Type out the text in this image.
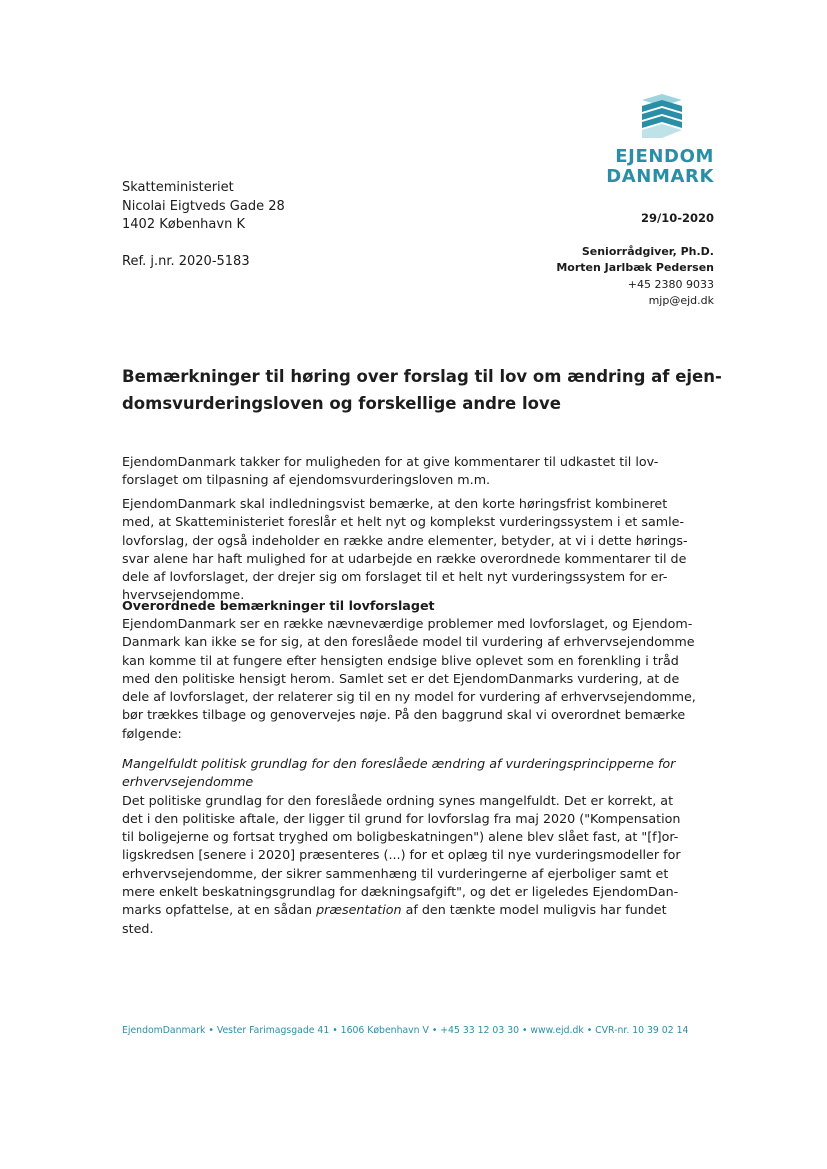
EJENDOM
DANMARK
Skatteministeriet
Nicolai Eigtveds Gade 28
1402 København K
Ref. j.nr. 2020-5183
29/10-2020
Seniorrådgiver, Ph.D.
Morten Jarlbæk Pedersen
+45 2380 9033
mjp@ejd.dk
Bemærkninger til høring over forslag til lov om ændring af ejen-
domsvurderingsloven og forskellige andre love
EjendomDanmark takker for muligheden for at give kommentarer til udkastet til lov-
forslaget om tilpasning af ejendomsvurderingsloven m.m.
EjendomDanmark skal indledningsvist bemærke, at den korte høringsfrist kombineret
med, at Skatteministeriet foreslår et helt nyt og komplekst vurderingssystem i et samle-
lovforslag, der også indeholder en række andre elementer, betyder, at vi i dette hørings-
svar alene har haft mulighed for at udarbejde en række overordnede kommentarer til de
dele af lovforslaget, der drejer sig om forslaget til et helt nyt vurderingssystem for er-
hvervsejendomme.
Overordnede bemærkninger til lovforslaget
EjendomDanmark ser en række nævneværdige problemer med lovforslaget, og Ejendom-
Danmark kan ikke se for sig, at den foreslåede model til vurdering af erhvervsejendomme
kan komme til at fungere efter hensigten endsige blive oplevet som en forenkling i tråd
med den politiske hensigt herom. Samlet set er det EjendomDanmarks vurdering, at de
dele af lovforslaget, der relaterer sig til en ny model for vurdering af erhvervsejendomme,
bør trækkes tilbage og genovervejes nøje. På den baggrund skal vi overordnet bemærke
følgende:
Mangelfuldt politisk grundlag for den foreslåede ændring af vurderingsprincipperne for
erhvervsejendomme
Det politiske grundlag for den foreslåede ordning synes mangelfuldt. Det er korrekt, at
det i den politiske aftale, der ligger til grund for lovforslag fra maj 2020 ("Kompensation
til boligejerne og fortsat tryghed om boligbeskatningen") alene blev slået fast, at "[f]or-
ligskredsen [senere i 2020] præsenteres (...) for et oplæg til nye vurderingsmodeller for
erhvervsejendomme, der sikrer sammenhæng til vurderingerne af ejerboliger samt et
mere enkelt beskatningsgrundlag for dækningsafgift", og det er ligeledes EjendomDan-
marks opfattelse, at en sådan præsentation af den tænkte model muligvis har fundet
sted.
EjendomDanmark • Vester Farimagsgade 41 • 1606 København V • +45 33 12 03 30 • www.ejd.dk • CVR-nr. 10 39 02 14
